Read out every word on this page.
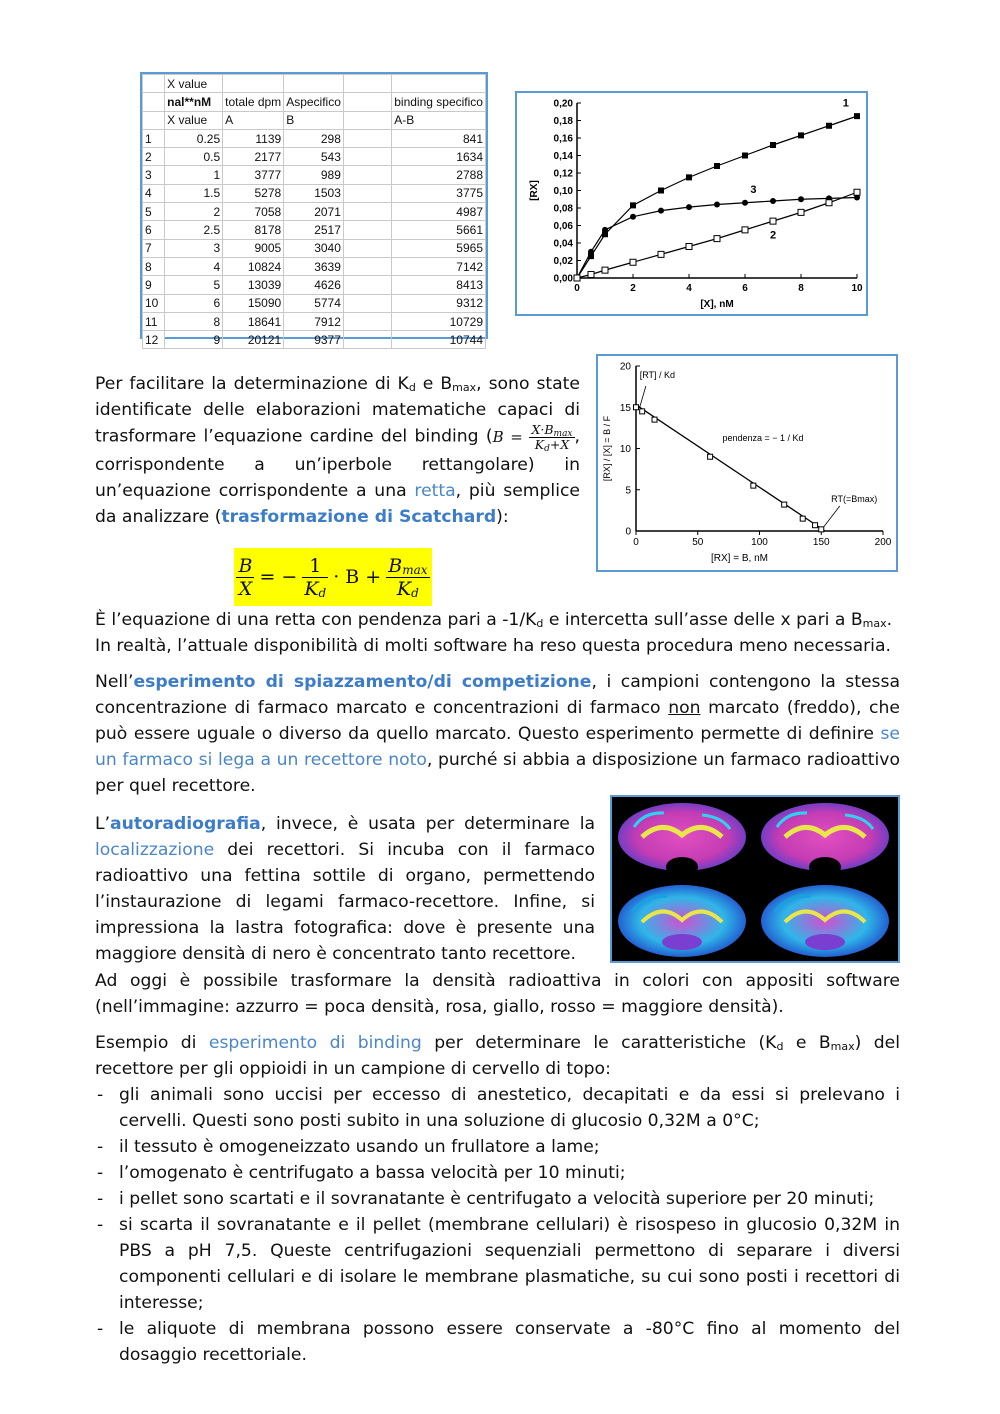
	X value				
	nal**nM	totale dpm	Aspecifico		binding specifico
	X value	A	B		A-B
1	0.25	1139	298		841
2	0.5	2177	543		1634
3	1	3777	989		2788
4	1.5	5278	1503		3775
5	2	7058	2071		4987
6	2.5	8178	2517		5661
7	3	9005	3040		5965
8	4	10824	3639		7142
9	5	13039	4626		8413
10	6	15090	5774		9312
11	8	18641	7912		10729
12	9	20121	9377		10744
0,00
0,02
0,04
0,06
0,08
0,10
0,12
0,14
0,16
0,18
0,20
0	2	4	6	8	10
[X], nM
[RX]
1
3
2
0
5
10
15
20
0	50	100	150	200
[RX] = B, nM
[RX] / [X] = B / F
[RT] / Kd
pendenza = − 1 / Kd
RT(=Bmax)
Per facilitare la determinazione di $K_d$ e $B_{max}$, sono state identificate delle elaborazioni matematiche capaci di trasformare l’equazione cardine del binding ($B = \frac{X\cdot B_{max}}{K_d+X}$ , corrispondente a un’iperbole rettangolare) in un’equazione corrispondente a una retta, più semplice da analizzare (trasformazione di Scatchard):
$\frac{B}{X}$ = − $\frac{1}{K_d} \cdot B + \frac{B_{max}}{K_d}$

È l’equazione di una retta con pendenza pari a $-1/K_d$ e intercetta sull’asse delle x pari a $B_{max}$.

In realtà, l’attuale disponibilità di molti software ha reso questa procedura meno necessaria.

Nell’esperimento di spiazzamento/di competizione, i campioni contengono la stessa concentrazione di farmaco marcato e concentrazioni di farmaco non marcato (freddo), che può essere uguale o diverso da quello marcato. Questo esperimento permette di definire se un farmaco si lega a un recettore noto, purché si abbia a disposizione un farmaco radioattivo per quel recettore.
L’autoradiografia, invece, è usata per determinare la localizzazione dei recettori. Si incuba con il farmaco radioattivo una fettina sottile di organo, permettendo l’instaurazione di legami farmaco-recettore. Infine, si impressiona la lastra fotografica: dove è presente una maggiore densità di nero è concentrato tanto recettore.

Ad oggi è possibile trasformare la densità radioattiva in colori con appositi software (nell’immagine: azzurro = poca densità, rosa, giallo, rosso = maggiore densità).

Esempio di esperimento di binding per determinare le caratteristiche ($K_d$ e $B_{max}$) del recettore per gli oppioidi in un campione di cervello di topo:

- gli animali sono uccisi per eccesso di anestetico, decapitati e da essi si prelevano i cervelli. Questi sono posti subito in una soluzione di glucosio 0,32M a 0°C;
- il tessuto è omogeneizzato usando un frullatore a lame;
- l’omogenato è centrifugato a bassa velocità per 10 minuti;
- i pellet sono scartati e il sovranatante è centrifugato a velocità superiore per 20 minuti;
- si scarta il sovranatante e il pellet (membrane cellulari) è risospeso in glucosio 0,32M in PBS a pH 7,5. Queste centrifugazioni sequenziali permettono di separare i diversi componenti cellulari e di isolare le membrane plasmatiche, su cui sono posti i recettori di interesse;
- le aliquote di membrana possono essere conservate a -80°C fino al momento del dosaggio recettoriale.
